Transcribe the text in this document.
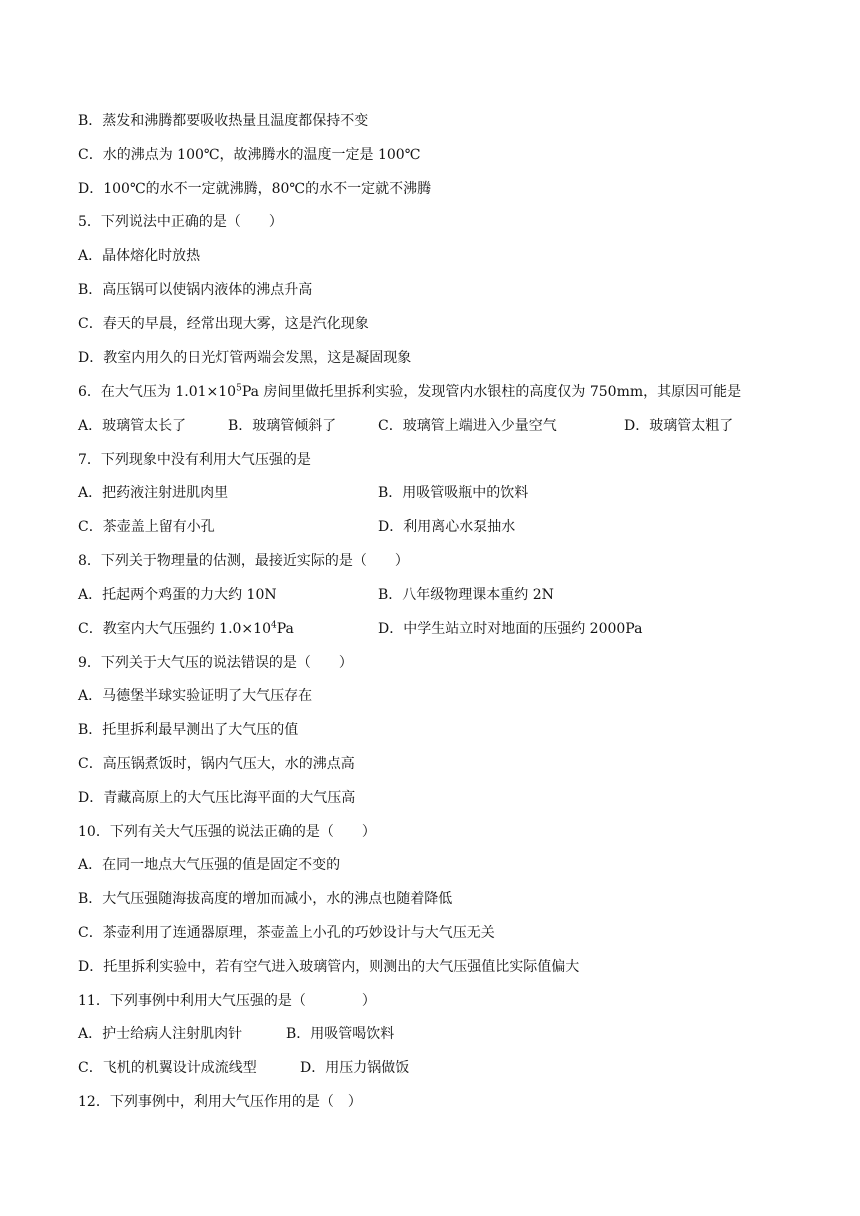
B．蒸发和沸腾都要吸收热量且温度都保持不变
C．水的沸点为 100℃，故沸腾水的温度一定是 100℃
D．100℃的水不一定就沸腾，80℃的水不一定就不沸腾
5．下列说法中正确的是（　　）
A．晶体熔化时放热
B．高压锅可以使锅内液体的沸点升高
C．春天的早晨，经常出现大雾，这是汽化现象
D．教室内用久的日光灯管两端会发黑，这是凝固现象
6．在大气压为 $1.01\times 10^5Pa$ 房间里做托里拆利实验，发现管内水银柱的高度仅为 750mm，其原因可能是
A．玻璃管太长了	B．玻璃管倾斜了	C．玻璃管上端进入少量空气	D．玻璃管太粗了
7．下列现象中没有利用大气压强的是
A．把药液注射进肌肉里	B．用吸管吸瓶中的饮料
C．茶壶盖上留有小孔	D．利用离心水泵抽水
8．下列关于物理量的估测，最接近实际的是（　　）
A．托起两个鸡蛋的力大约 10N	B．八年级物理课本重约 2N
C．教室内大气压强约 $1.0\times 10^4Pa$	D．中学生站立时对地面的压强约 2000Pa
9．下列关于大气压的说法错误的是（　　）
A．马德堡半球实验证明了大气压存在
B．托里拆利最早测出了大气压的值
C．高压锅煮饭时，锅内气压大，水的沸点高
D．青藏高原上的大气压比海平面的大气压高
10．下列有关大气压强的说法正确的是（　　）
A．在同一地点大气压强的值是固定不变的
B．大气压强随海拔高度的增加而减小，水的沸点也随着降低
C．茶壶利用了连通器原理，茶壶盖上小孔的巧妙设计与大气压无关
D．托里拆利实验中，若有空气进入玻璃管内，则测出的大气压强值比实际值偏大
11．下列事例中利用大气压强的是（　　　　）
A．护士给病人注射肌肉针	B．用吸管喝饮料
C．飞机的机翼设计成流线型	D．用压力锅做饭
12．下列事例中，利用大气压作用的是（　）
